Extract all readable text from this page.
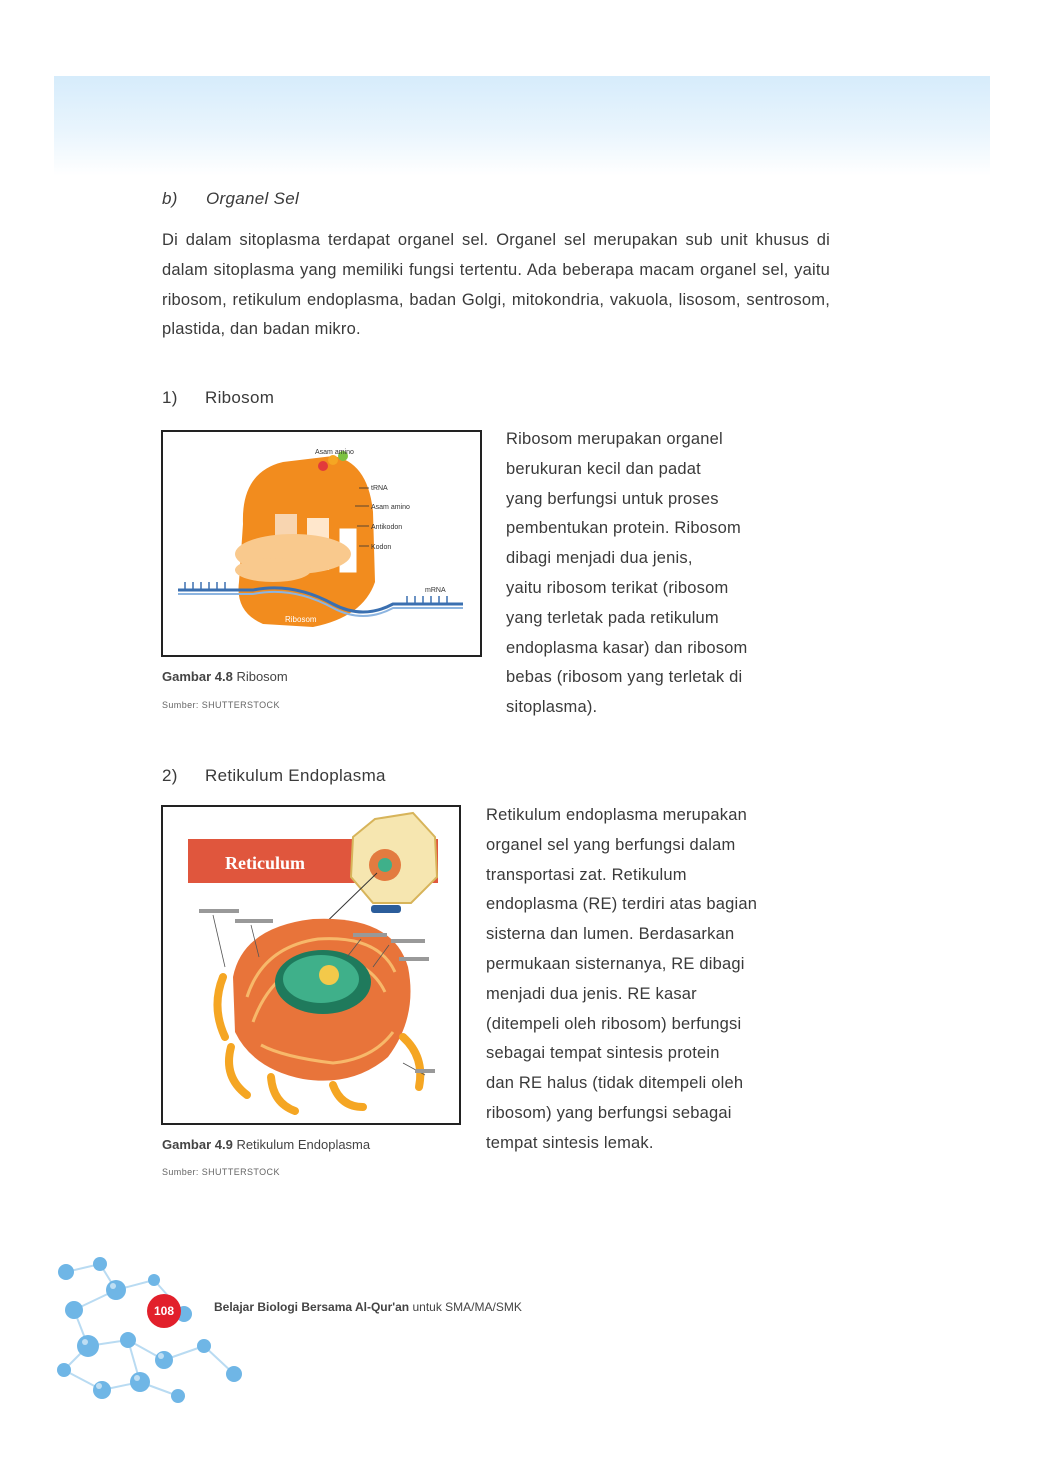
b) Organel Sel

Di dalam sitoplasma terdapat organel sel. Organel sel merupakan sub unit khusus di dalam sitoplasma yang memiliki fungsi tertentu. Ada beberapa macam organel sel, yaitu ribosom, retikulum endoplasma, badan Golgi, mitokondria, vakuola, lisosom, sentrosom, plastida, dan badan mikro.

1) Ribosom
Asam amino
tRNA
Asam amino
Antikodon
Kodon
mRNA
Ribosom
Gambar 4.8 Ribosom
Sumber: SHUTTERSTOCK
Ribosom merupakan organel
berukuran kecil dan padat
yang berfungsi untuk proses
pembentukan protein. Ribosom
dibagi menjadi dua jenis,
yaitu ribosom terikat (ribosom
yang terletak pada retikulum
endoplasma kasar) dan ribosom
bebas (ribosom yang terletak di
sitoplasma).
2) Retikulum Endoplasma
Reticulum
Gambar 4.9 Retikulum Endoplasma
Sumber: SHUTTERSTOCK
Retikulum endoplasma merupakan
organel sel yang berfungsi dalam
transportasi zat. Retikulum
endoplasma (RE) terdiri atas bagian
sisterna dan lumen. Berdasarkan
permukaan sisternanya, RE dibagi
menjadi dua jenis. RE kasar
(ditempeli oleh ribosom) berfungsi
sebagai tempat sintesis protein
dan RE halus (tidak ditempeli oleh
ribosom) yang berfungsi sebagai
tempat sintesis lemak.
108	Belajar Biologi Bersama Al-Qur'an untuk SMA/MA/SMK
